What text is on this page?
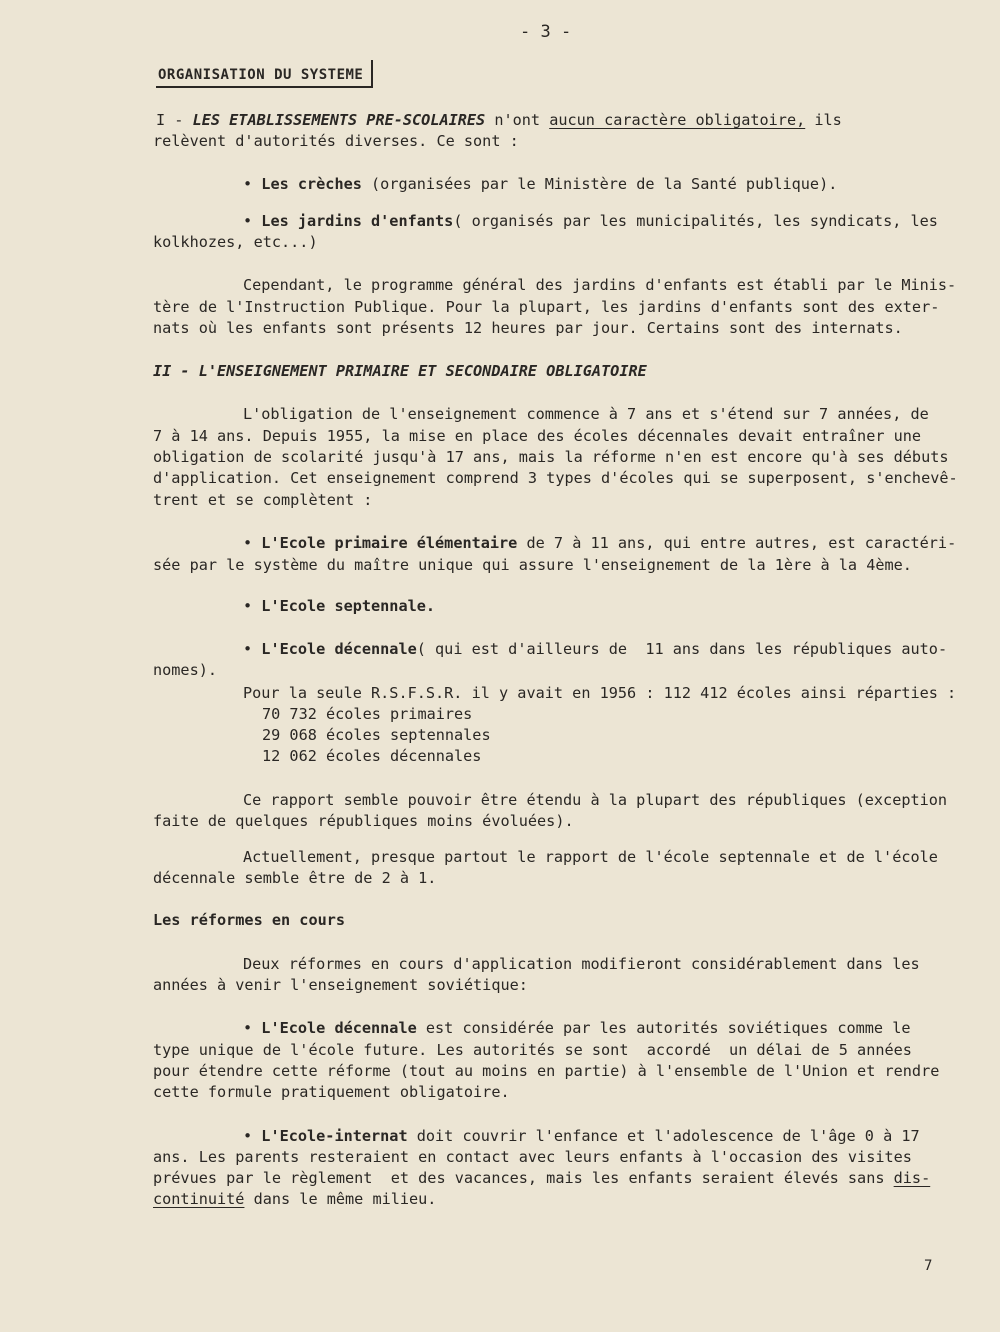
- 3 -
ORGANISATION DU SYSTEME
I - LES ETABLISSEMENTS PRE-SCOLAIRES n'ont aucun caractère obligatoire, ils
relèvent d'autorités diverses. Ce sont :
• Les crèches (organisées par le Ministère de la Santé publique).
• Les jardins d'enfants( organisés par les municipalités, les syndicats, les
kolkhozes, etc...)
Cependant, le programme général des jardins d'enfants est établi par le Minis-
tère de l'Instruction Publique. Pour la plupart, les jardins d'enfants sont des exter-
nats où les enfants sont présents 12 heures par jour. Certains sont des internats.
II - L'ENSEIGNEMENT PRIMAIRE ET SECONDAIRE OBLIGATOIRE
L'obligation de l'enseignement commence à 7 ans et s'étend sur 7 années, de
7 à 14 ans. Depuis 1955, la mise en place des écoles décennales devait entraîner une
obligation de scolarité jusqu'à 17 ans, mais la réforme n'en est encore qu'à ses débuts
d'application. Cet enseignement comprend 3 types d'écoles qui se superposent, s'enchevê-
trent et se complètent :
• L'Ecole primaire élémentaire de 7 à 11 ans, qui entre autres, est caractéri-
sée par le système du maître unique qui assure l'enseignement de la 1ère à la 4ème.
• L'Ecole septennale.
• L'Ecole décennale( qui est d'ailleurs de  11 ans dans les républiques auto-
nomes).
Pour la seule R.S.F.S.R. il y avait en 1956 : 112 412 écoles ainsi réparties :
70 732 écoles primaires
29 068 écoles septennales
12 062 écoles décennales
Ce rapport semble pouvoir être étendu à la plupart des républiques (exception
faite de quelques républiques moins évoluées).
Actuellement, presque partout le rapport de l'école septennale et de l'école
décennale semble être de 2 à 1.
Les réformes en cours
Deux réformes en cours d'application modifieront considérablement dans les
années à venir l'enseignement soviétique:
• L'Ecole décennale est considérée par les autorités soviétiques comme le
type unique de l'école future. Les autorités se sont  accordé  un délai de 5 années
pour étendre cette réforme (tout au moins en partie) à l'ensemble de l'Union et rendre
cette formule pratiquement obligatoire.
• L'Ecole-internat doit couvrir l'enfance et l'adolescence de l'âge 0 à 17
ans. Les parents resteraient en contact avec leurs enfants à l'occasion des visites
prévues par le règlement  et des vacances, mais les enfants seraient élevés sans dis-
continuité dans le même milieu.
7
